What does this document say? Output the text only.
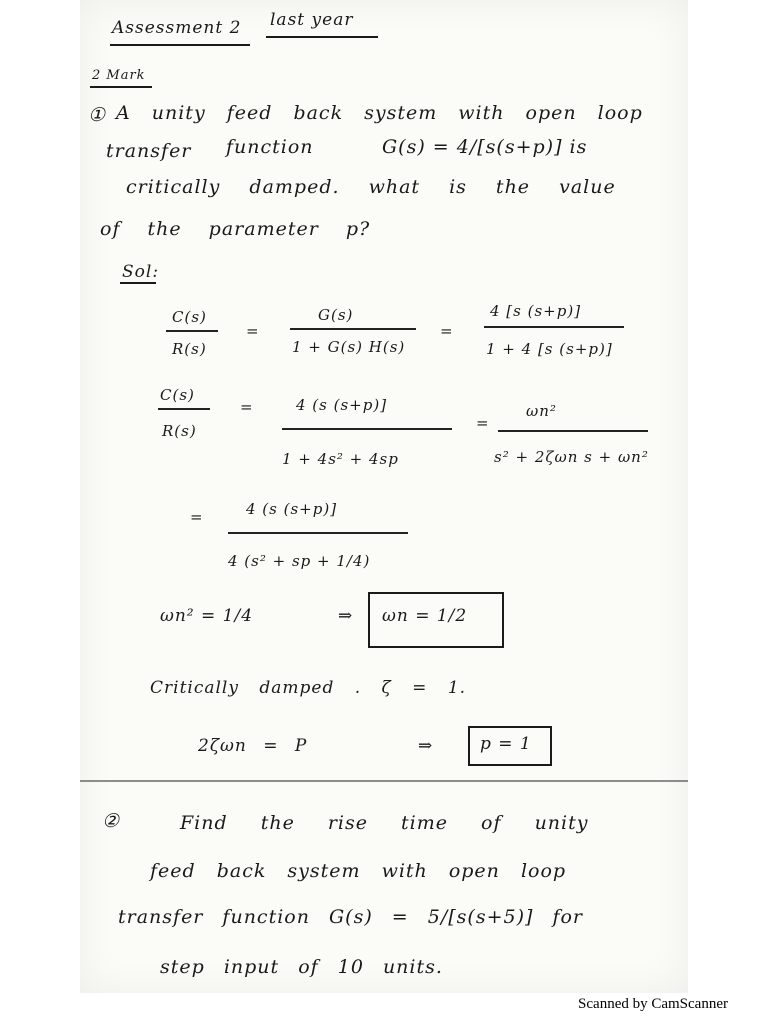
Assessment 2 last year
2 Mark
① A unity feed back system with open loop
transfer function	G(s) = 4/[s(s+p)] is
critically damped. what is the value
of the parameter p?
Sol:
C(s)
R(s)
=
G(s)
1 + G(s) H(s)
=
4 [s (s+p)]
1 + 4 [s (s+p)]
C(s)
R(s)
=	4 (s (s+p)]
1 + 4s² + 4sp
=
ωn²
s² + 2ζωn s + ωn²
=	4 (s (s+p)]
4 (s² + sp + 1/4)
ωn² = 1/4	⇒ ωn = 1/2
Critically damped . ζ = 1.
2ζωn = P	⇒	p = 1
②	Find the rise time of unity
feed back system with open loop
transfer function G(s) = 5/[s(s+5)] for
step input of 10 units.
Scanned by CamScanner
